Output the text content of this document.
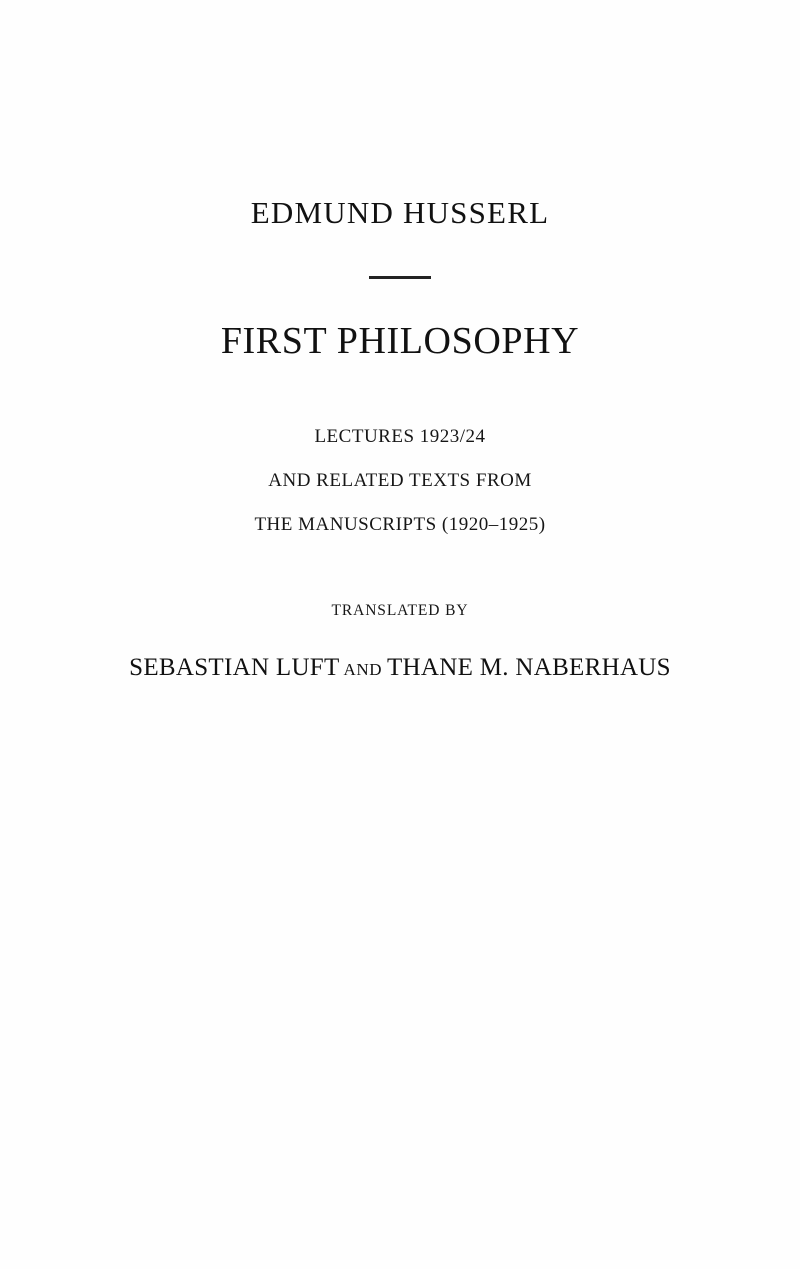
EDMUND HUSSERL
FIRST PHILOSOPHY
LECTURES 1923/24
AND RELATED TEXTS FROM
THE MANUSCRIPTS (1920–1925)
TRANSLATED BY
SEBASTIAN LUFT AND THANE M. NABERHAUS
